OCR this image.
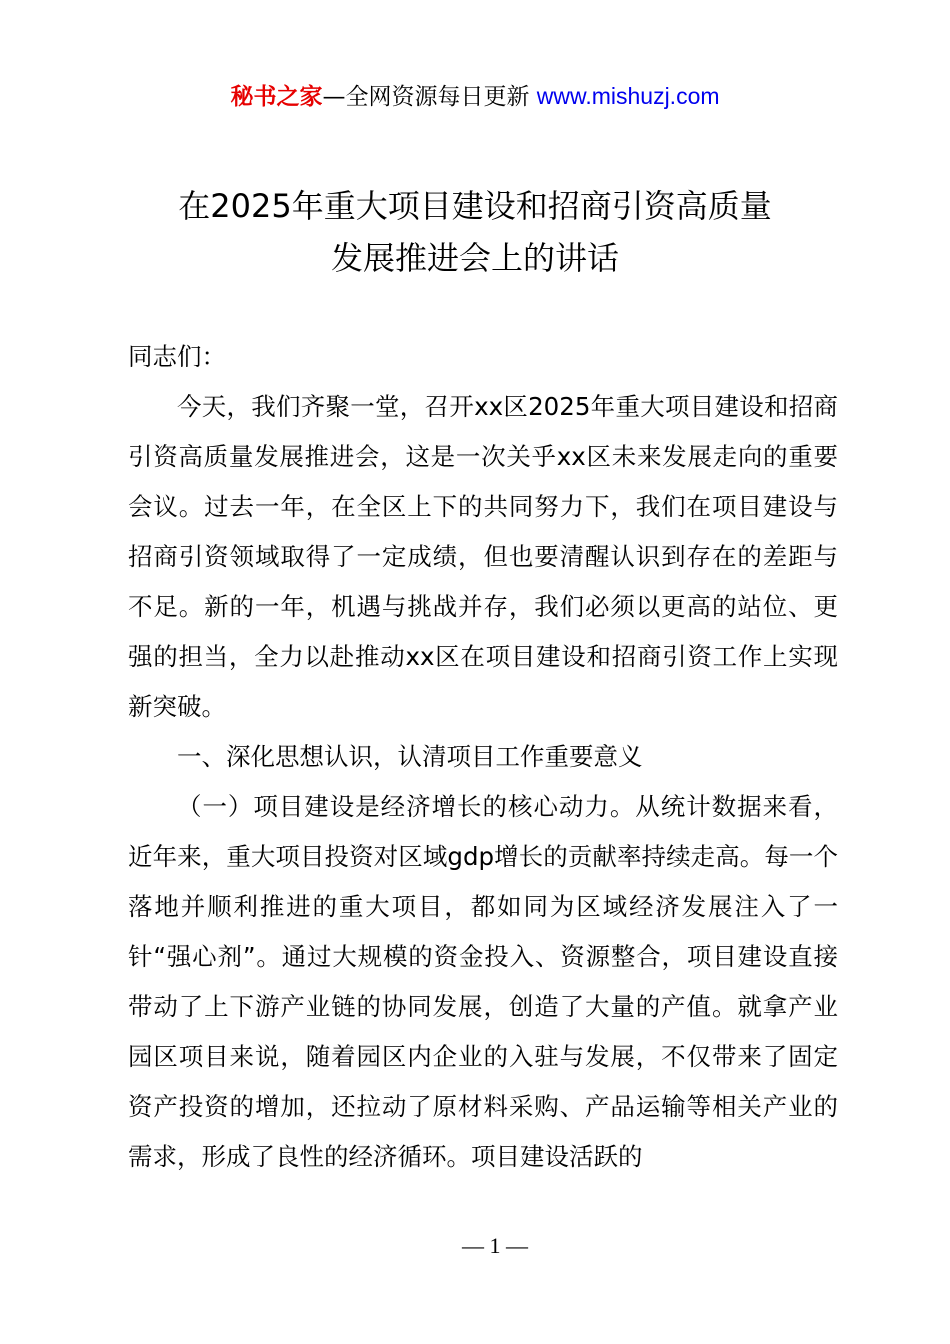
秘书之家—全网资源每日更新 www.mishuzj.com
在2025年重大项目建设和招商引资高质量
发展推进会上的讲话

同志们：

今天，我们齐聚一堂，召开xx区2025年重大项目建设和招商引资高质量发展推进会，这是一次关乎xx区未来发展走向的重要会议。过去一年，在全区上下的共同努力下，我们在项目建设与招商引资领域取得了一定成绩，但也要清醒认识到存在的差距与不足。新的一年，机遇与挑战并存，我们必须以更高的站位、更强的担当，全力以赴推动xx区在项目建设和招商引资工作上实现新突破。

一、深化思想认识，认清项目工作重要意义

（一）项目建设是经济增长的核心动力。从统计数据来看，近年来，重大项目投资对区域gdp增长的贡献率持续走高。每一个落地并顺利推进的重大项目，都如同为区域经济发展注入了一针“强心剂”。通过大规模的资金投入、资源整合，项目建设直接带动了上下游产业链的协同发展，创造了大量的产值。就拿产业园区项目来说，随着园区内企业的入驻与发展，不仅带来了固定资产投资的增加，还拉动了原材料采购、产品运输等相关产业的需求，形成了良性的经济循环。项目建设活跃的

— 1 —
